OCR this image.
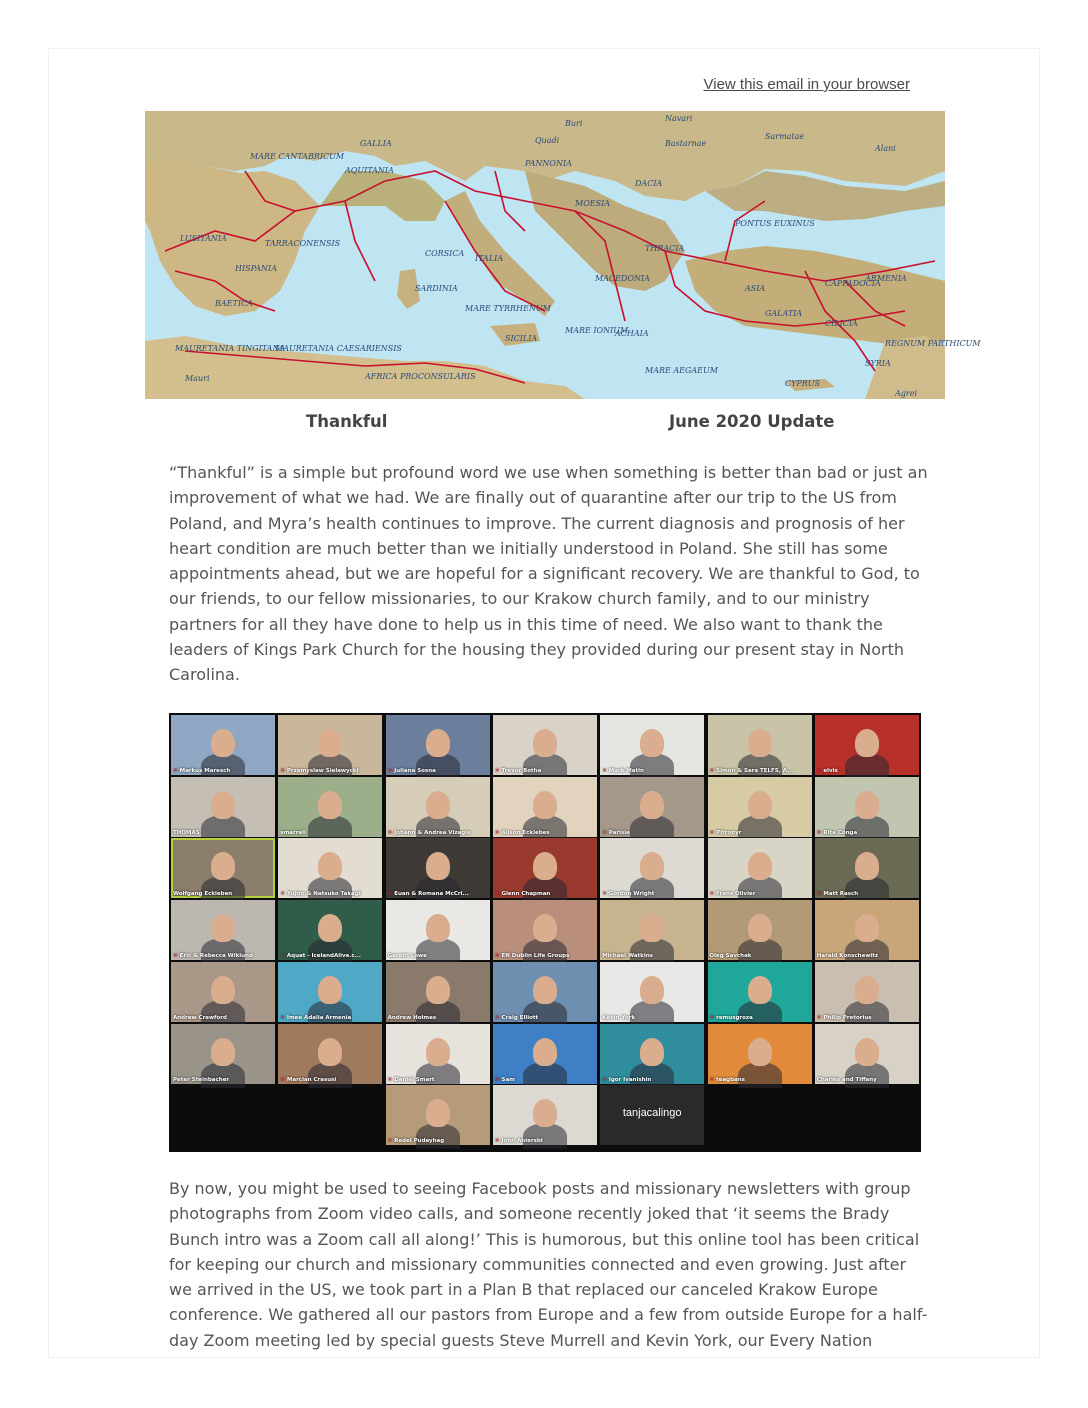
View this email in your browser
MARE CANTABRICUM
GALLIA
AQUITANIA
HISPANIA
LUSITANIA
TARRACONENSIS
BAETICA
MAURETANIA TINGITANA
MAURETANIA CAESARIENSIS
Mauri
MARE TYRRHENUM
MARE IONIUM
PONTUS EUXINUS
DACIA
THRACIA
MACEDONIA
ACHAIA
ASIA
GALATIA
CAPPADOCIA
ARMENIA
REGNUM PARTHICUM
SYRIA
CILICIA
CYPRUS
MARE AEGAEUM
AFRICA PROCONSULARIS
Navari
Buri
Quadi	Bastarnae
Sarmatae
Alani
ITALIA
SARDINIA
SICILIA
CORSICA
PANNONIA
MOESIA
Agrei
Thankful	June 2020 Update

“Thankful” is a simple but profound word we use when something is better than bad or just an improvement of what we had. We are finally out of quarantine after our trip to the US from Poland, and Myra’s health continues to improve. The current diagnosis and prognosis of her heart condition are much better than we initially understood in Poland. She still has some appointments ahead, but we are hopeful for a significant recovery. We are thankful to God, to our friends, to our fellow missionaries, to our Krakow church family, and to our ministry partners for all they have done to help us in this time of need. We also want to thank the leaders of Kings Park Church for the housing they provided during our present stay in North Carolina.

✕ Markus Maresch	✕ Przemyslaw Sielawycki	✕ Juliana Sosna	✕ Trevor Botha	✕ Mark Matin	✕ Simon & Sara TELFS, A...	✕ elvis
THOMAS	smarrell	✕ Johann & Andrea Vizagie	✕ Alison Ecklebes	✕ Parisie	✕ Pitropyr	✕ Rita Conga
Wolfgang Eckleben	✕ Yujiro & Natsuko Takagi	✕ Euan & Romana McCri...	✕ Glenn Chapman	✕ Gordon Wright	✕ Frans Olivier	✕ Matt Rasch
✕ Eric & Rebecca Wiklund	✕ Aquat - IcelandAlive.c...	Gareth Lowe	✕ EN Dublin Life Groups	Michael Watkins	Oleg Savchak	Harald Konschewitz
Andrew Crawford	✕ Imee Adalia Armenia	Andrew Holmes	✕ Craig Elliott	Kevin York	✕ remusgroza	✕ Philip Pretorius
Peter Steinbacher	✕ Marcian Crasusi	✕ Daniel Smart	✕ Sam	✕ Igor Ivanishin	✕ teagbans	Charles and Tiffany
✕ Redel Pudayhag	✕ John Aniersbi
tanjacalingo

By now, you might be used to seeing Facebook posts and missionary newsletters with group photographs from Zoom video calls, and someone recently joked that ‘it seems the Brady Bunch intro was a Zoom call all along!’ This is humorous, but this online tool has been critical for keeping our church and missionary communities connected and even growing. Just after we arrived in the US, we took part in a Plan B that replaced our canceled Krakow Europe conference. We gathered all our pastors from Europe and a few from outside Europe for a half-day Zoom meeting led by special guests Steve Murrell and Kevin York, our Every Nation
